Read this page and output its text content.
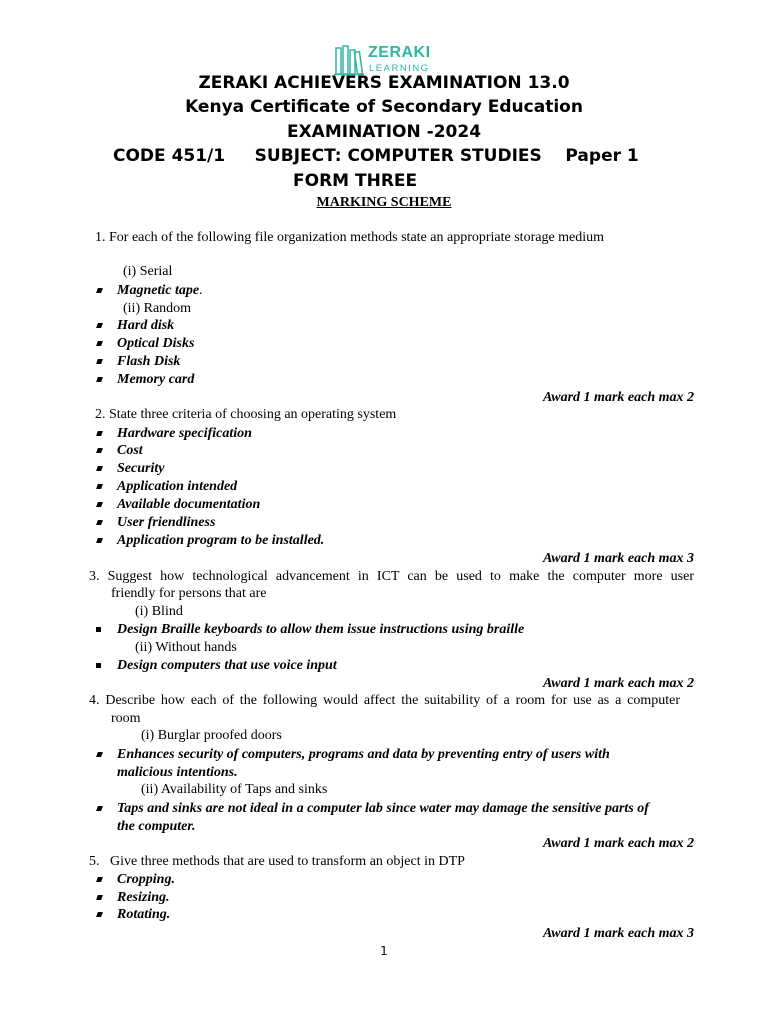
ZERAKI
LEARNING
ZERAKI ACHIEVERS EXAMINATION 13.0
Kenya Certificate of Secondary Education
EXAMINATION -2024
CODE 451/1     SUBJECT: COMPUTER STUDIES    Paper 1
FORM THREE
MARKING SCHEME
1. For each of the following file organization methods state an appropriate storage medium
(i) Serial
Magnetic tape.
(ii) Random
Hard disk
Optical Disks
Flash Disk
Memory card
Award 1 mark each max 2
2. State three criteria of choosing an operating system
Hardware specification
Cost
Security
Application intended
Available documentation
User friendliness
Application program to be installed.
Award 1 mark each max 3
3. Suggest how technological advancement in ICT can be used to make the computer more user
friendly for persons that are
(i) Blind
Design Braille keyboards to allow them issue instructions using braille
(ii) Without hands
Design computers that use voice input
Award 1 mark each max 2
4. Describe how each of the following would affect the suitability of a room for use as a computer
room
(i) Burglar proofed doors
Enhances security of computers, programs and data by preventing entry of users with
malicious intentions.
(ii) Availability of Taps and sinks
Taps and sinks are not ideal in a computer lab since water may damage the sensitive parts of
the computer.
Award 1 mark each max 2
5.   Give three methods that are used to transform an object in DTP
Cropping.
Resizing.
Rotating.
Award 1 mark each max 3
1
